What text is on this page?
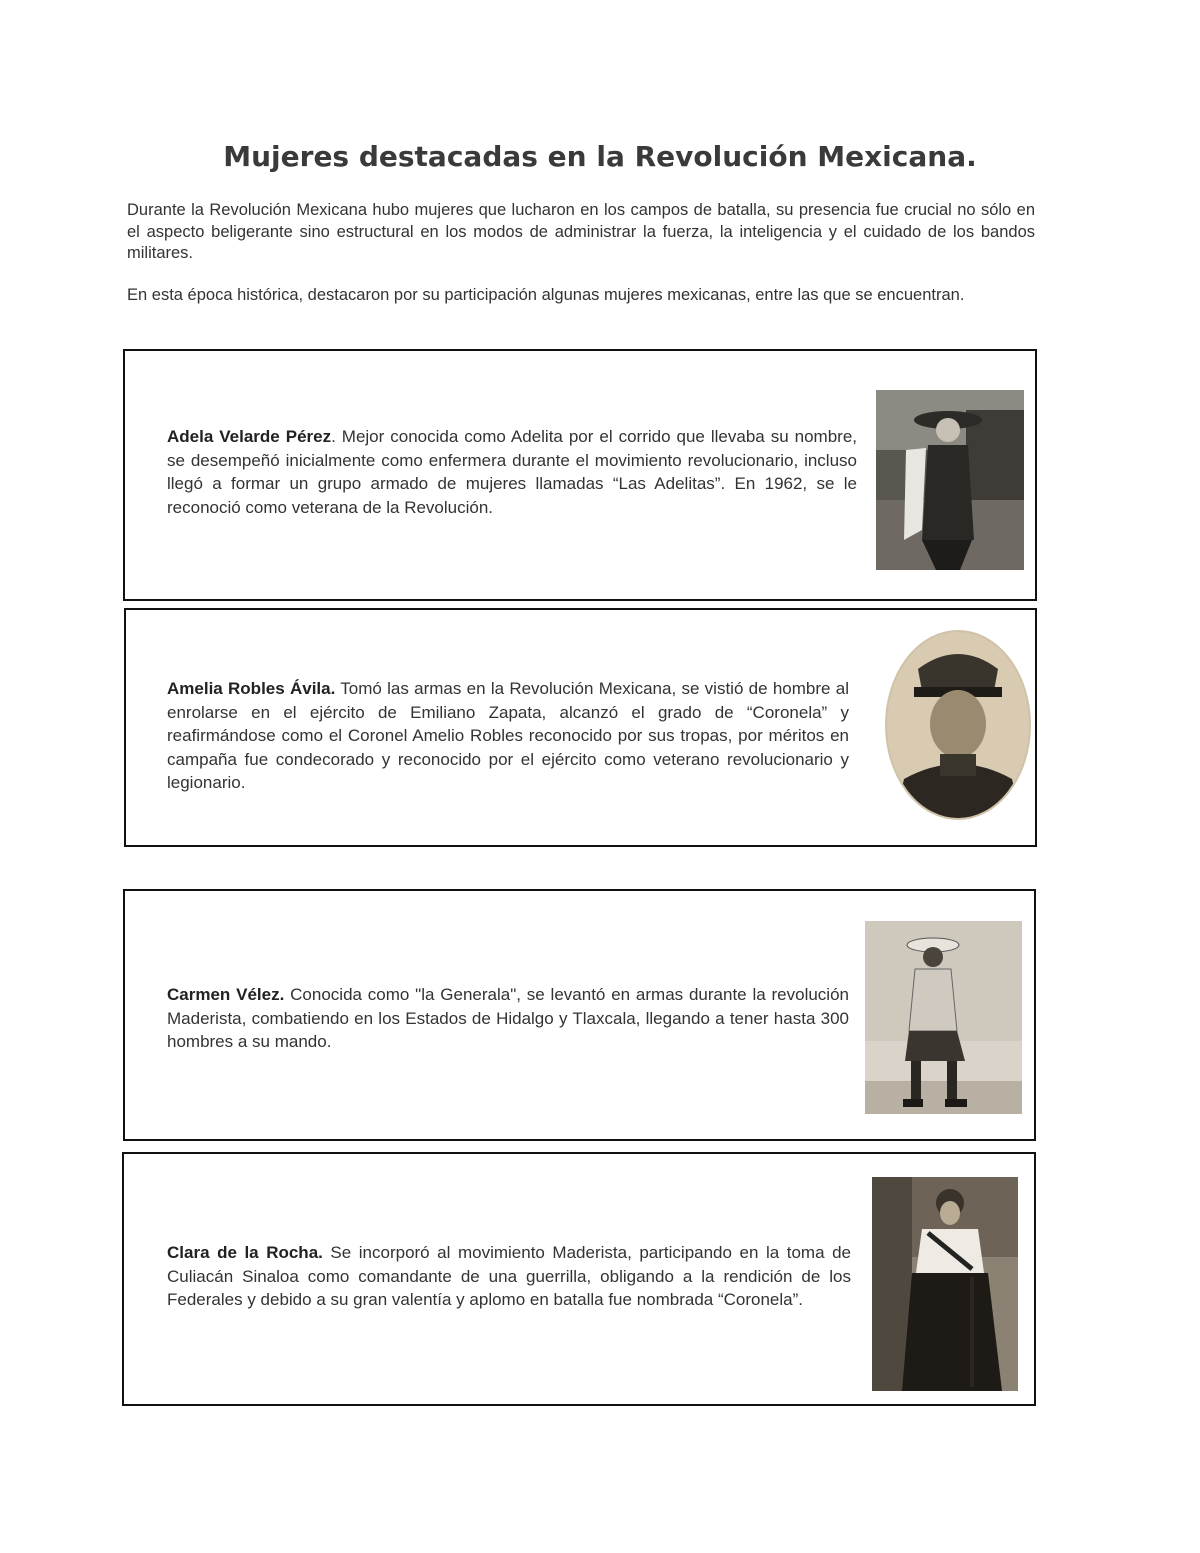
Mujeres destacadas en la Revolución Mexicana.

Durante la Revolución Mexicana hubo mujeres que lucharon en los campos de batalla, su presencia fue crucial no sólo en el aspecto beligerante sino estructural en los modos de administrar la fuerza, la inteligencia y el cuidado de los bandos militares.

En esta época histórica, destacaron por su participación algunas mujeres mexicanas, entre las que se encuentran.

Adela Velarde Pérez. Mejor conocida como Adelita por el corrido que llevaba su nombre, se desempeñó inicialmente como enfermera durante el movimiento revolucionario, incluso llegó a formar un grupo armado de mujeres llamadas “Las Adelitas”. En 1962, se le reconoció como veterana de la Revolución.

Amelia Robles Ávila. Tomó las armas en la Revolución Mexicana, se vistió de hombre al enrolarse en el ejército de Emiliano Zapata, alcanzó el grado de “Coronela” y reafirmándose como el Coronel Amelio Robles reconocido por sus tropas, por méritos en campaña fue condecorado y reconocido por el ejército como veterano revolucionario y legionario.

Carmen Vélez. Conocida como "la Generala", se levantó en armas durante la revolución Maderista, combatiendo en los Estados de Hidalgo y Tlaxcala, llegando a tener hasta 300 hombres a su mando.

Clara de la Rocha. Se incorporó al movimiento Maderista, participando en la toma de Culiacán Sinaloa como comandante de una guerrilla, obligando a la rendición de los Federales y debido a su gran valentía y aplomo en batalla fue nombrada “Coronela”.
